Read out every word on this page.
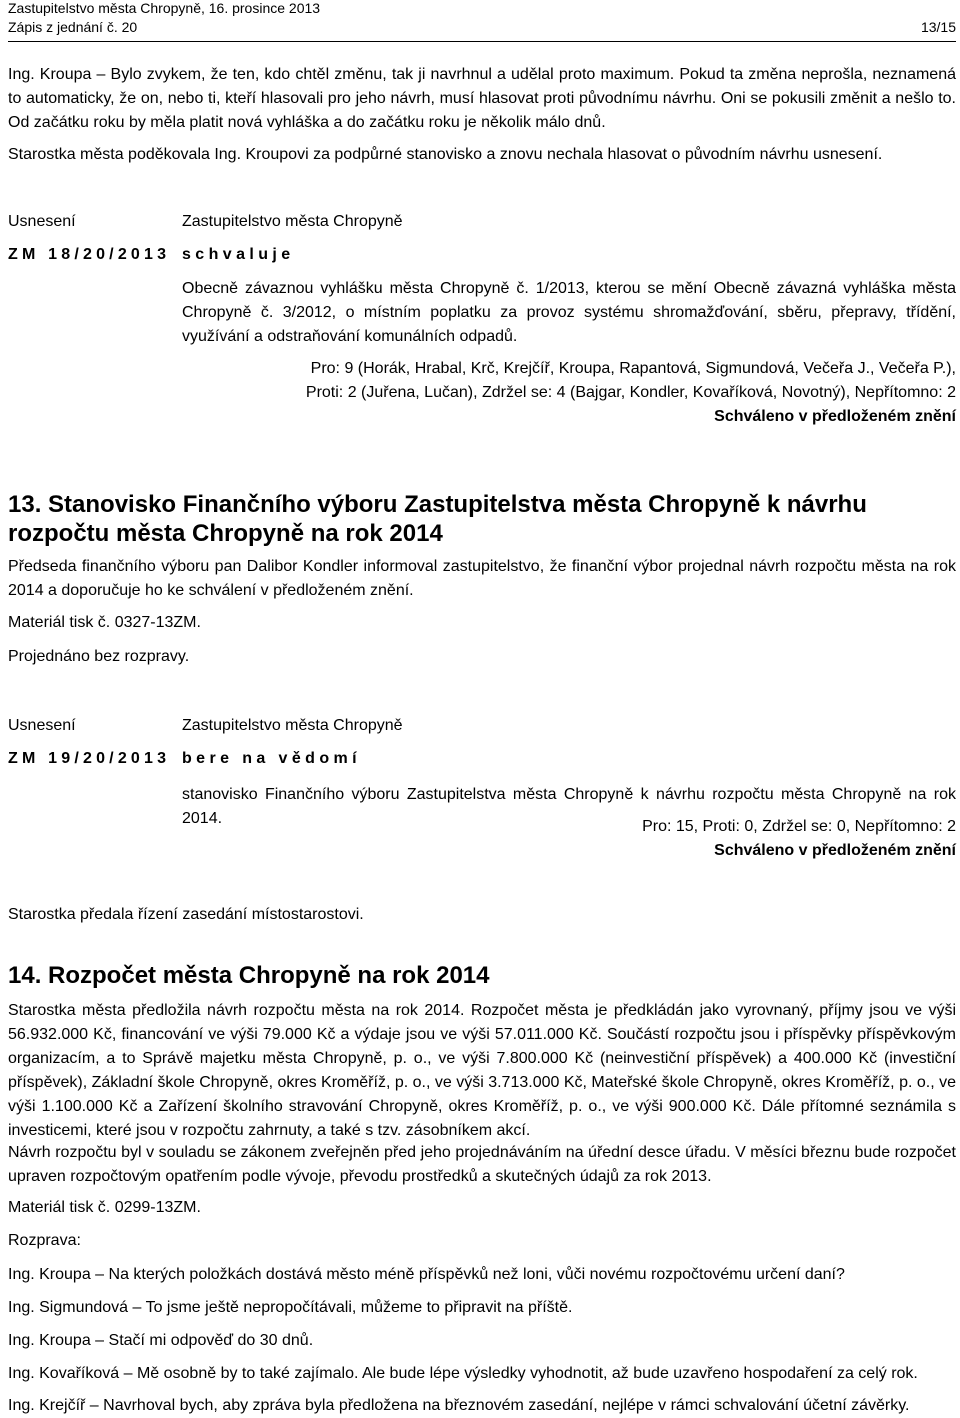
Zastupitelstvo města Chropyně, 16. prosince 2013
Zápis z jednání č. 20	13/15

Ing. Kroupa – Bylo zvykem, že ten, kdo chtěl změnu, tak ji navrhnul a udělal proto maximum. Pokud ta změna neprošla, neznamená to automaticky, že on, nebo ti, kteří hlasovali pro jeho návrh, musí hlasovat proti původnímu návrhu. Oni se pokusili změnit a nešlo to. Od začátku roku by měla platit nová vyhláška a do začátku roku je několik málo dnů.

Starostka města poděkovala Ing. Kroupovi za podpůrné stanovisko a znovu nechala hlasovat o původním návrhu usnesení.

Usnesení	Zastupitelstvo města Chropyně
ZM 18/20/2013 schvaluje

Obecně závaznou vyhlášku města Chropyně č. 1/2013, kterou se mění Obecně závazná vyhláška města Chropyně č. 3/2012, o místním poplatku za provoz systému shromažďování, sběru, přepravy, třídění, využívání a odstraňování komunálních odpadů.

Pro: 9 (Horák, Hrabal, Krč, Krejčíř, Kroupa, Rapantová, Sigmundová, Večeřa J., Večeřa P.),
Proti: 2 (Juřena, Lučan), Zdržel se: 4 (Bajgar, Kondler, Kovaříková, Novotný), Nepřítomno: 2
Schváleno v předloženém znění
13. Stanovisko Finančního výboru Zastupitelstva města Chropyně k návrhu rozpočtu města Chropyně na rok 2014

Předseda finančního výboru pan Dalibor Kondler informoval zastupitelstvo, že finanční výbor projednal návrh rozpočtu města na rok 2014 a doporučuje ho ke schválení v předloženém znění.

Materiál tisk č. 0327-13ZM.

Projednáno bez rozpravy.

Usnesení	Zastupitelstvo města Chropyně
ZM 19/20/2013 bere na vědomí

stanovisko Finančního výboru Zastupitelstva města Chropyně k návrhu rozpočtu města Chropyně na rok 2014.	Pro: 15, Proti: 0, Zdržel se: 0, Nepřítomno: 2
Schváleno v předloženém znění

Starostka předala řízení zasedání místostarostovi.

14. Rozpočet města Chropyně na rok 2014

Starostka města předložila návrh rozpočtu města na rok 2014. Rozpočet města je předkládán jako vyrovnaný, příjmy jsou ve výši 56.932.000 Kč, financování ve výši 79.000 Kč a výdaje jsou ve výši 57.011.000 Kč. Součástí rozpočtu jsou i příspěvky příspěvkovým organizacím, a to Správě majetku města Chropyně, p. o., ve výši 7.800.000 Kč (neinvestiční příspěvek) a 400.000 Kč (investiční příspěvek), Základní škole Chropyně, okres Kroměříž, p. o., ve výši 3.713.000 Kč, Mateřské škole Chropyně, okres Kroměříž, p. o., ve výši 1.100.000 Kč a Zařízení školního stravování Chropyně, okres Kroměříž, p. o., ve výši 900.000 Kč. Dále přítomné seznámila s investicemi, které jsou v rozpočtu zahrnuty, a také s tzv. zásobníkem akcí.

Návrh rozpočtu byl v souladu se zákonem zveřejněn před jeho projednáváním na úřední desce úřadu. V měsíci březnu bude rozpočet upraven rozpočtovým opatřením podle vývoje, převodu prostředků a skutečných údajů za rok 2013.

Materiál tisk č. 0299-13ZM.

Rozprava:

Ing. Kroupa – Na kterých položkách dostává město méně příspěvků než loni, vůči novému rozpočtovému určení daní?

Ing. Sigmundová – To jsme ještě nepropočítávali, můžeme to připravit na příště.

Ing. Kroupa – Stačí mi odpověď do 30 dnů.

Ing. Kovaříková – Mě osobně by to také zajímalo. Ale bude lépe výsledky vyhodnotit, až bude uzavřeno hospodaření za celý rok.

Ing. Krejčíř – Navrhoval bych, aby zpráva byla předložena na březnovém zasedání, nejlépe v rámci schvalování účetní závěrky.
